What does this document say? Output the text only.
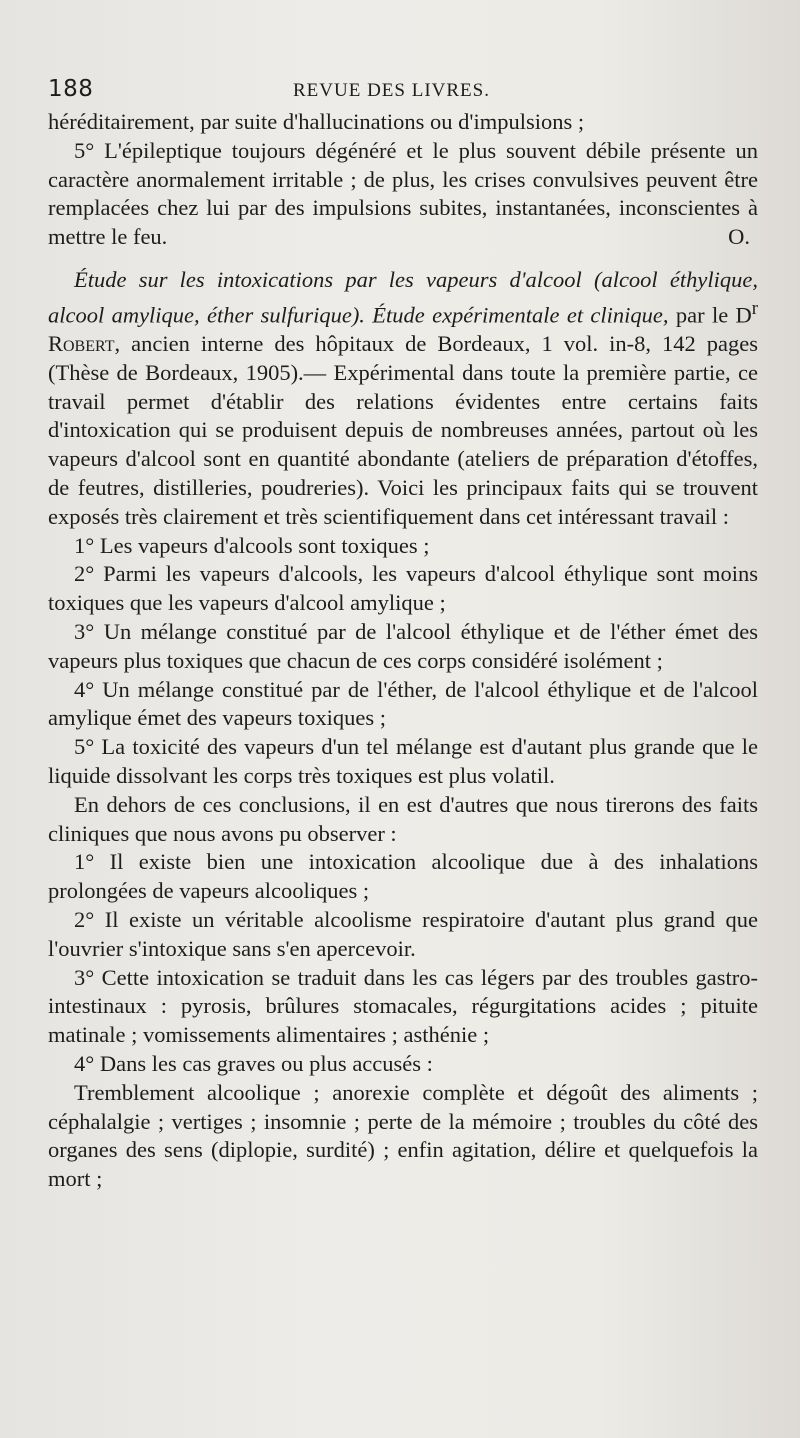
188	REVUE DES LIVRES.

héréditairement, par suite d'hallucinations ou d'impulsions ;

5° L'épileptique toujours dégénéré et le plus souvent débile présente un caractère anormalement irritable ; de plus, les crises convulsives peuvent être remplacées chez lui par des impulsions subites, instantanées, inconscientes à mettre le feu.	O.

Étude sur les intoxications par les vapeurs d'alcool (alcool éthylique, alcool amylique, éther sulfurique). Étude expérimentale et clinique, par le $D^r$ Robert, ancien interne des hôpitaux de Bordeaux, 1 vol. in-8, 142 pages (Thèse de Bordeaux, 1905).— Expérimental dans toute la première partie, ce travail permet d'établir des relations évidentes entre certains faits d'intoxication qui se produisent depuis de nombreuses années, partout où les vapeurs d'alcool sont en quantité abondante (ateliers de préparation d'étoffes, de feutres, distilleries, poudreries). Voici les principaux faits qui se trouvent exposés très clairement et très scientifiquement dans cet intéressant travail :

1° Les vapeurs d'alcools sont toxiques ;

2° Parmi les vapeurs d'alcools, les vapeurs d'alcool éthylique sont moins toxiques que les vapeurs d'alcool amylique ;

3° Un mélange constitué par de l'alcool éthylique et de l'éther émet des vapeurs plus toxiques que chacun de ces corps considéré isolément ;

4° Un mélange constitué par de l'éther, de l'alcool éthylique et de l'alcool amylique émet des vapeurs toxiques ;

5° La toxicité des vapeurs d'un tel mélange est d'autant plus grande que le liquide dissolvant les corps très toxiques est plus volatil.

En dehors de ces conclusions, il en est d'autres que nous tirerons des faits cliniques que nous avons pu observer :

1° Il existe bien une intoxication alcoolique due à des inhalations prolongées de vapeurs alcooliques ;

2° Il existe un véritable alcoolisme respiratoire d'autant plus grand que l'ouvrier s'intoxique sans s'en apercevoir.

3° Cette intoxication se traduit dans les cas légers par des troubles gastro-intestinaux : pyrosis, brûlures stomacales, régurgitations acides ; pituite matinale ; vomissements alimentaires ; asthénie ;

4° Dans les cas graves ou plus accusés :

Tremblement alcoolique ; anorexie complète et dégoût des aliments ; céphalalgie ; vertiges ; insomnie ; perte de la mémoire ; troubles du côté des organes des sens (diplopie, surdité) ; enfin agitation, délire et quelquefois la mort ;
